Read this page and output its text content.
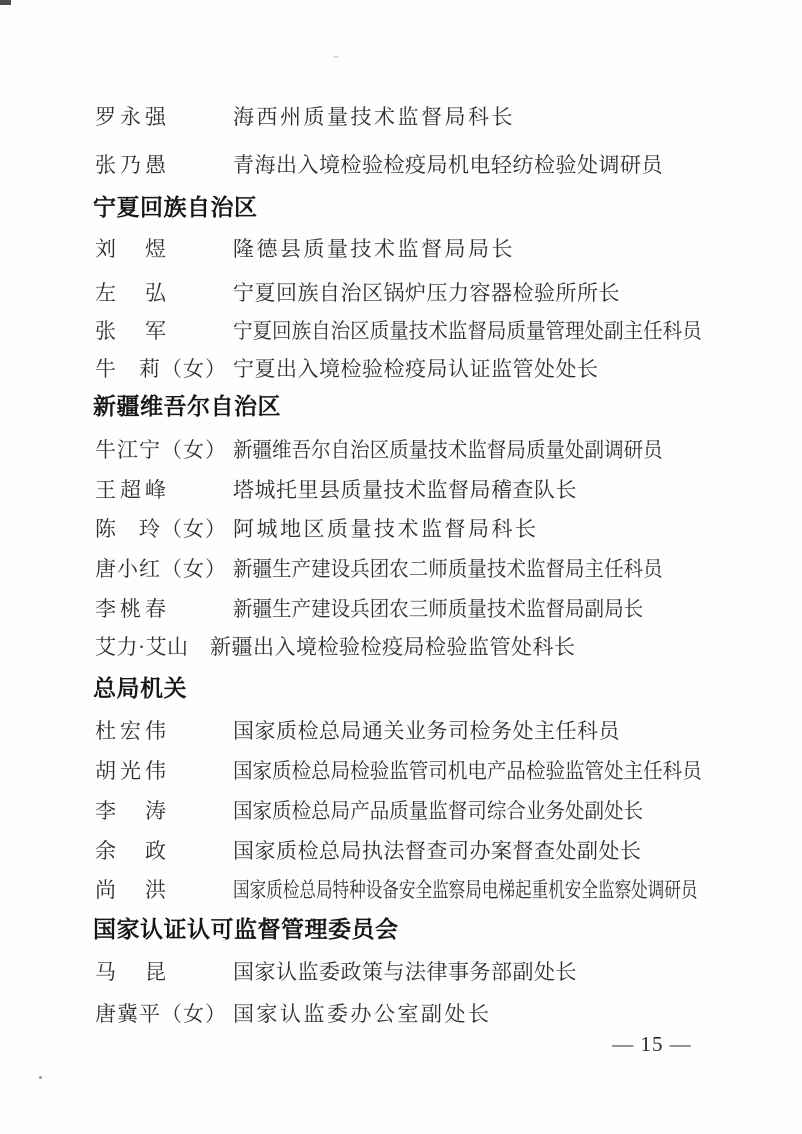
罗永强	海西州质量技术监督局科长
张乃愚	青海出入境检验检疫局机电轻纺检验处调研员
宁夏回族自治区
刘　煜	隆德县质量技术监督局局长
左　弘	宁夏回族自治区锅炉压力容器检验所所长
张　军	宁夏回族自治区质量技术监督局质量管理处副主任科员
牛　莉（女） 宁夏出入境检验检疫局认证监管处处长
新疆维吾尔自治区
牛江宁（女） 新疆维吾尔自治区质量技术监督局质量处副调研员
王超峰	塔城托里县质量技术监督局稽查队长
陈　玲（女） 阿城地区质量技术监督局科长
唐小红（女） 新疆生产建设兵团农二师质量技术监督局主任科员
李桃春	新疆生产建设兵团农三师质量技术监督局副局长
艾力·艾山 新疆出入境检验检疫局检验监管处科长
总局机关
杜宏伟	国家质检总局通关业务司检务处主任科员
胡光伟	国家质检总局检验监管司机电产品检验监管处主任科员
李　涛	国家质检总局产品质量监督司综合业务处副处长
余　政	国家质检总局执法督查司办案督查处副处长
尚　洪	国家质检总局特种设备安全监察局电梯起重机安全监察处调研员
国家认证认可监督管理委员会
马　昆	国家认监委政策与法律事务部副处长
唐冀平（女） 国家认监委办公室副处长
— 15 —
